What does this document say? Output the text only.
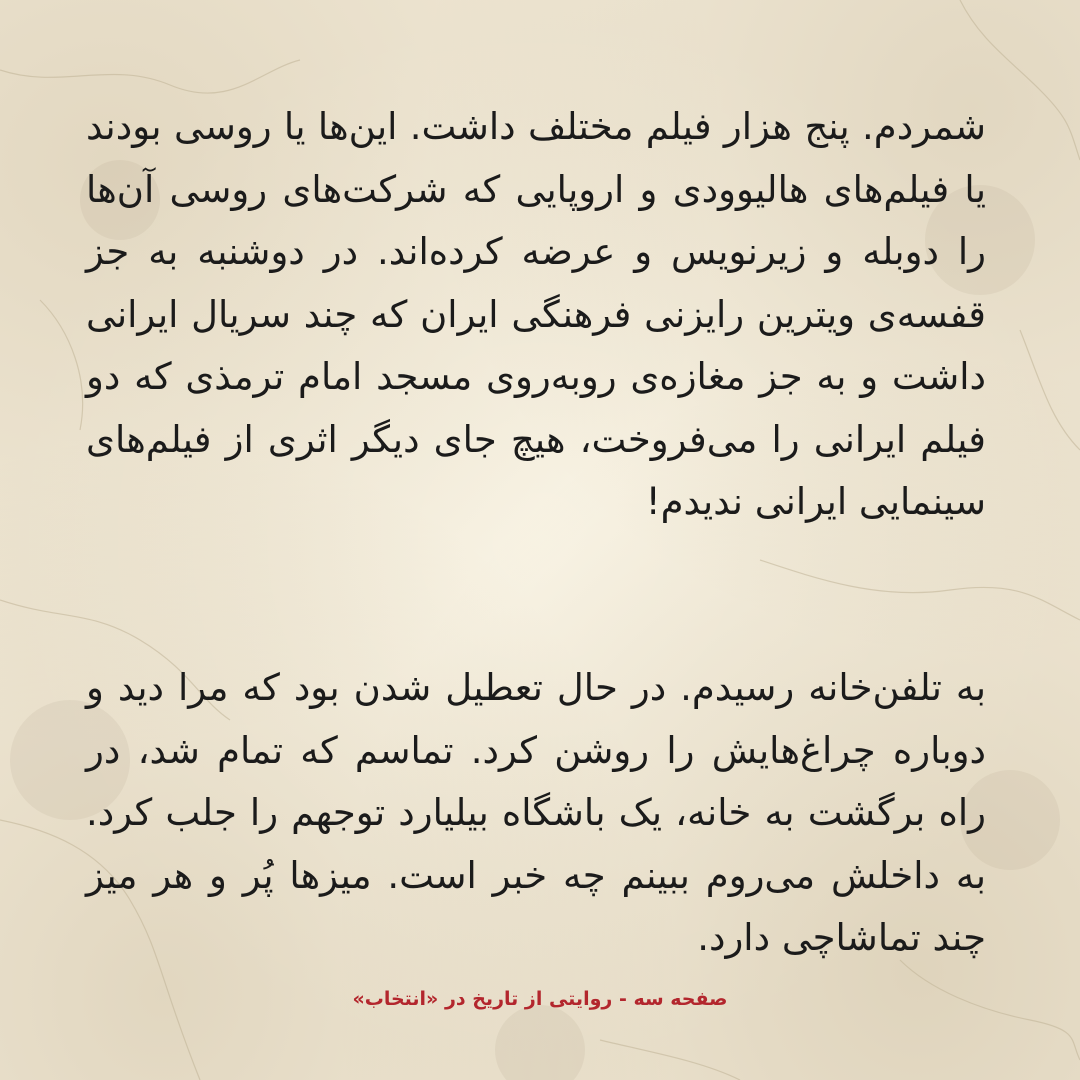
شمردم. پنج هزار فیلم مختلف داشت. این‌ها یا روسی بودند یا فیلم‌های هالیوودی و اروپایی که شرکت‌های روسی آن‌ها را دوبله و زیرنویس و عرضه کرده‌اند. در دوشنبه به جز قفسه‌ی ویترین رایزنی فرهنگی ایران که چند سریال ایرانی داشت و به جز مغازه‌ی روبه‌روی مسجد امام ترمذی که دو فیلم ایرانی را می‌فروخت، هیچ جای دیگر اثری از فیلم‌های سینمایی ایرانی ندیدم!

به تلفن‌خانه رسیدم. در حال تعطیل شدن بود که مرا دید و دوباره چراغ‌هایش را روشن کرد. تماسم که تمام شد، در راه برگشت به خانه، یک باشگاه بیلیارد توجهم را جلب کرد. به داخلش می‌روم ببینم چه خبر است. میزها پُر و هر میز چند تماشاچی دارد.

صفحه سه - روایتی از تاریخ در «انتخاب»
